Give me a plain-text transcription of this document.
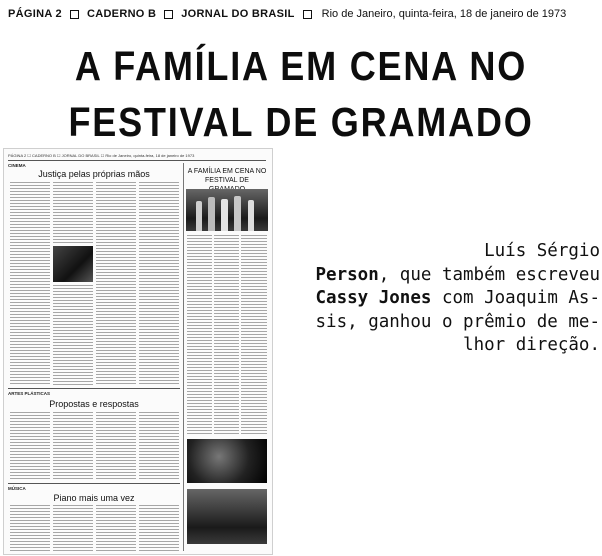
PÁGINA 2 CADERNO B JORNAL DO BRASIL Rio de Janeiro, quinta-feira, 18 de janeiro de 1973
A FAMÍLIA EM CENA NO
FESTIVAL DE GRAMADO
PÁGINA 2 ☐ CADERNO B ☐ JORNAL DO BRASIL ☐ Rio de Janeiro, quinta-feira, 18 de janeiro de 1973
CINEMA
Justiça pelas próprias mãos
ARTES PLÁSTICAS
Propostas e respostas
MÚSICA
Piano mais uma vez
A FAMÍLIA EM CENA NO
FESTIVAL DE
Luís Sérgio
Person, que também escreveu
Cassy Jones com Joaquim As-
sis, ganhou o prêmio de me-
lhor direção.
